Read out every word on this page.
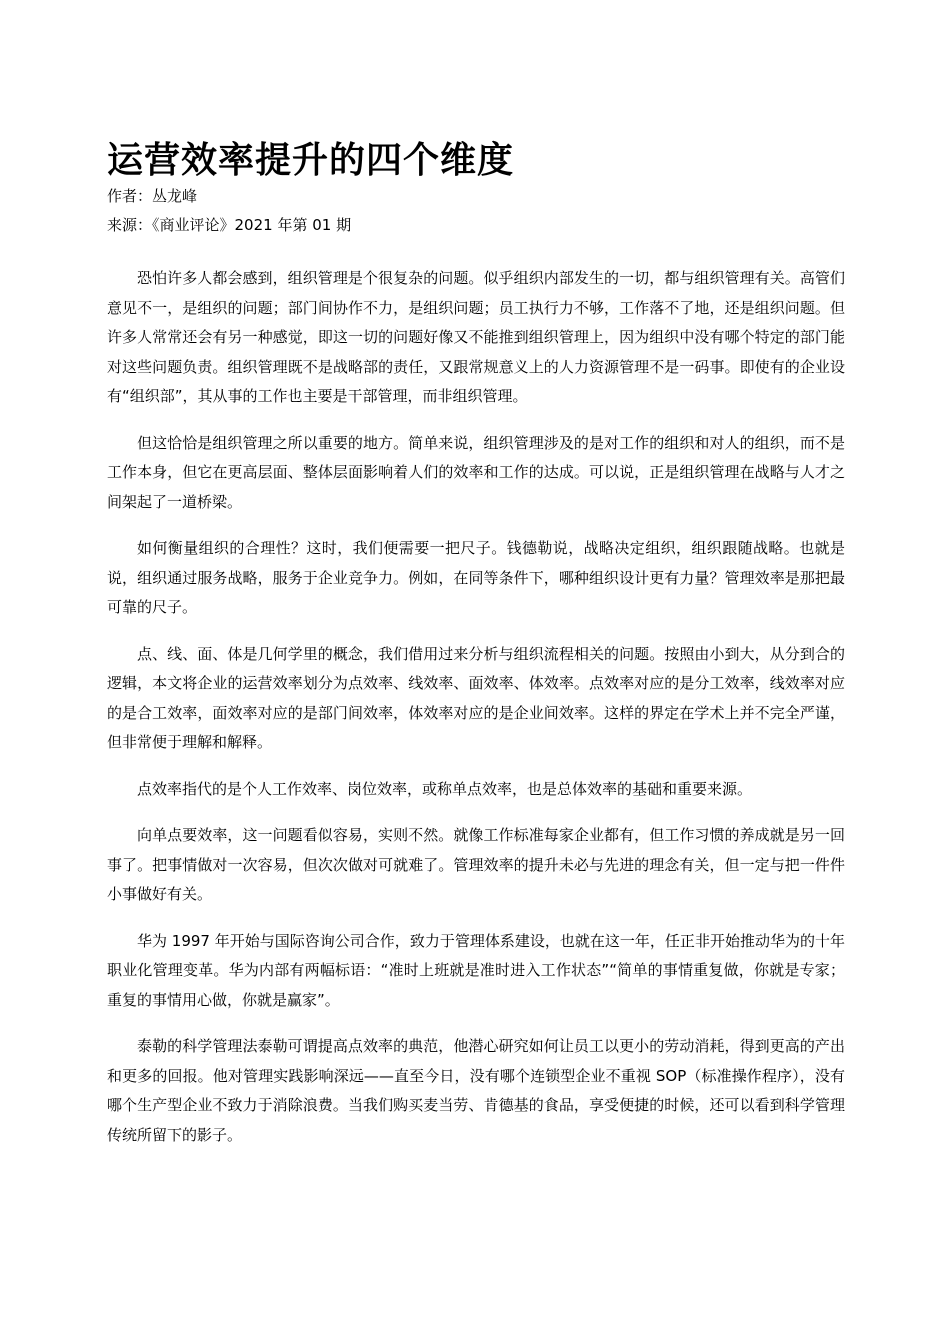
运营效率提升的四个维度
作者：丛龙峰
来源：《商业评论》2021 年第 01 期

恐怕许多人都会感到，组织管理是个很复杂的问题。似乎组织内部发生的一切，都与组织管理有关。高管们意见不一，是组织的问题；部门间协作不力，是组织问题；员工执行力不够，工作落不了地，还是组织问题。但许多人常常还会有另一种感觉，即这一切的问题好像又不能推到组织管理上，因为组织中没有哪个特定的部门能对这些问题负责。组织管理既不是战略部的责任，又跟常规意义上的人力资源管理不是一码事。即使有的企业设有“组织部”，其从事的工作也主要是干部管理，而非组织管理。

但这恰恰是组织管理之所以重要的地方。简单来说，组织管理涉及的是对工作的组织和对人的组织，而不是工作本身，但它在更高层面、整体层面影响着人们的效率和工作的达成。可以说，正是组织管理在战略与人才之间架起了一道桥梁。

如何衡量组织的合理性？这时，我们便需要一把尺子。钱德勒说，战略决定组织，组织跟随战略。也就是说，组织通过服务战略，服务于企业竞争力。例如，在同等条件下，哪种组织设计更有力量？管理效率是那把最可靠的尺子。

点、线、面、体是几何学里的概念，我们借用过来分析与组织流程相关的问题。按照由小到大，从分到合的逻辑，本文将企业的运营效率划分为点效率、线效率、面效率、体效率。点效率对应的是分工效率，线效率对应的是合工效率，面效率对应的是部门间效率，体效率对应的是企业间效率。这样的界定在学术上并不完全严谨，但非常便于理解和解释。

点效率指代的是个人工作效率、岗位效率，或称单点效率，也是总体效率的基础和重要来源。

向单点要效率，这一问题看似容易，实则不然。就像工作标准每家企业都有，但工作习惯的养成就是另一回事了。把事情做对一次容易，但次次做对可就难了。管理效率的提升未必与先进的理念有关，但一定与把一件件小事做好有关。

华为 1997 年开始与国际咨询公司合作，致力于管理体系建设，也就在这一年，任正非开始推动华为的十年职业化管理变革。华为内部有两幅标语：“准时上班就是准时进入工作状态”“简单的事情重复做，你就是专家；重复的事情用心做，你就是赢家”。

泰勒的科学管理法泰勒可谓提高点效率的典范，他潜心研究如何让员工以更小的劳动消耗，得到更高的产出和更多的回报。他对管理实践影响深远——直至今日，没有哪个连锁型企业不重视 SOP（标准操作程序），没有哪个生产型企业不致力于消除浪费。当我们购买麦当劳、肯德基的食品，享受便捷的时候，还可以看到科学管理传统所留下的影子。
